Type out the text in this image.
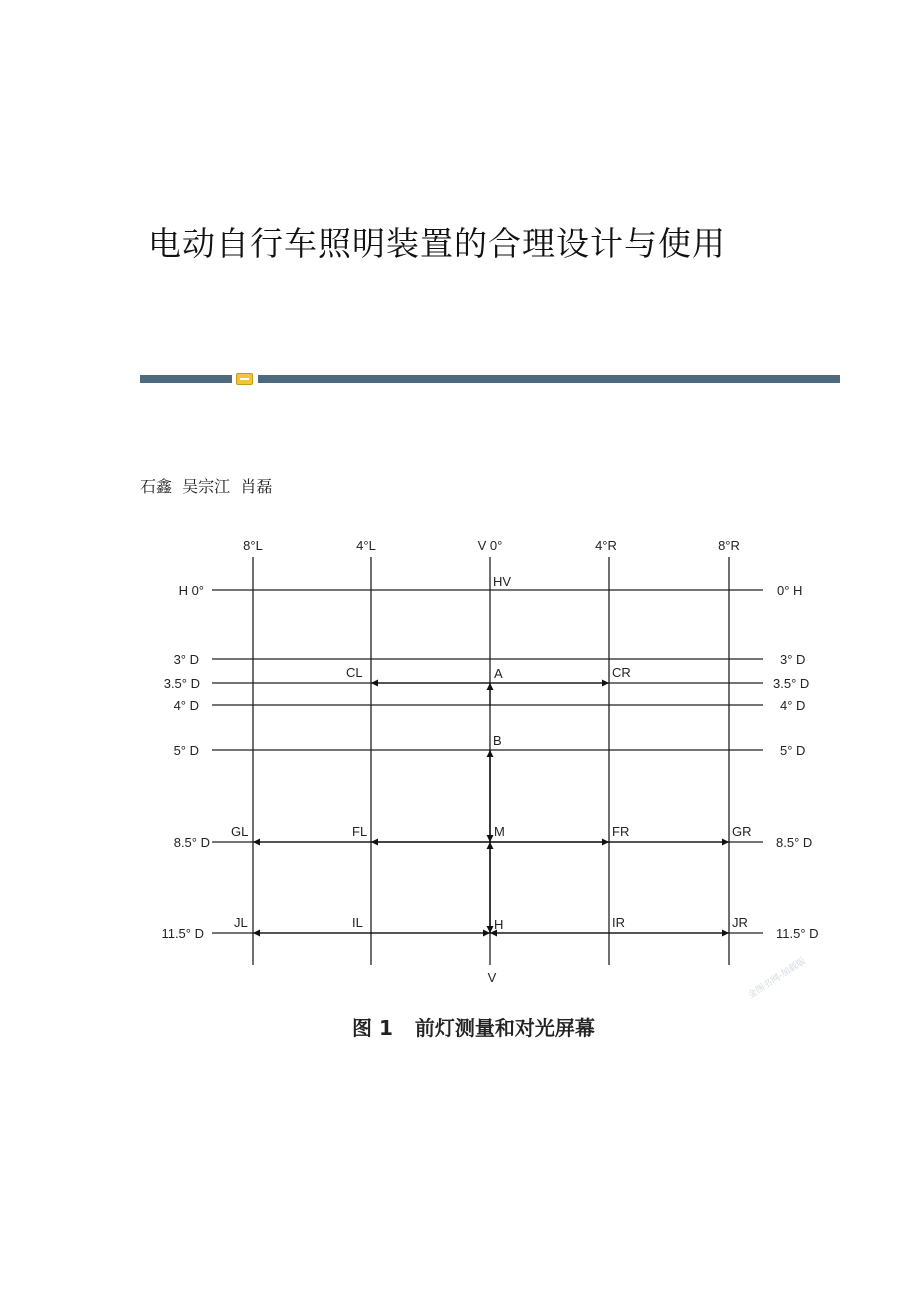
电动自行车照明装置的合理设计与使用
石鑫  吴宗江  肖磊
8°L	4°L	V 0°	4°R	8°R
V
H 0°
3° D
3.5° D
4° D
5° D
8.5° D
11.5° D
0° H
3° D
3.5° D
4° D
5° D
8.5° D
11.5° D
HV
CL	A	CR
B
GL	FL	M	FR	GR
JL	IL	H	IR	JR
图 1 前灯测量和对光屏幕
金图书网-加载版
